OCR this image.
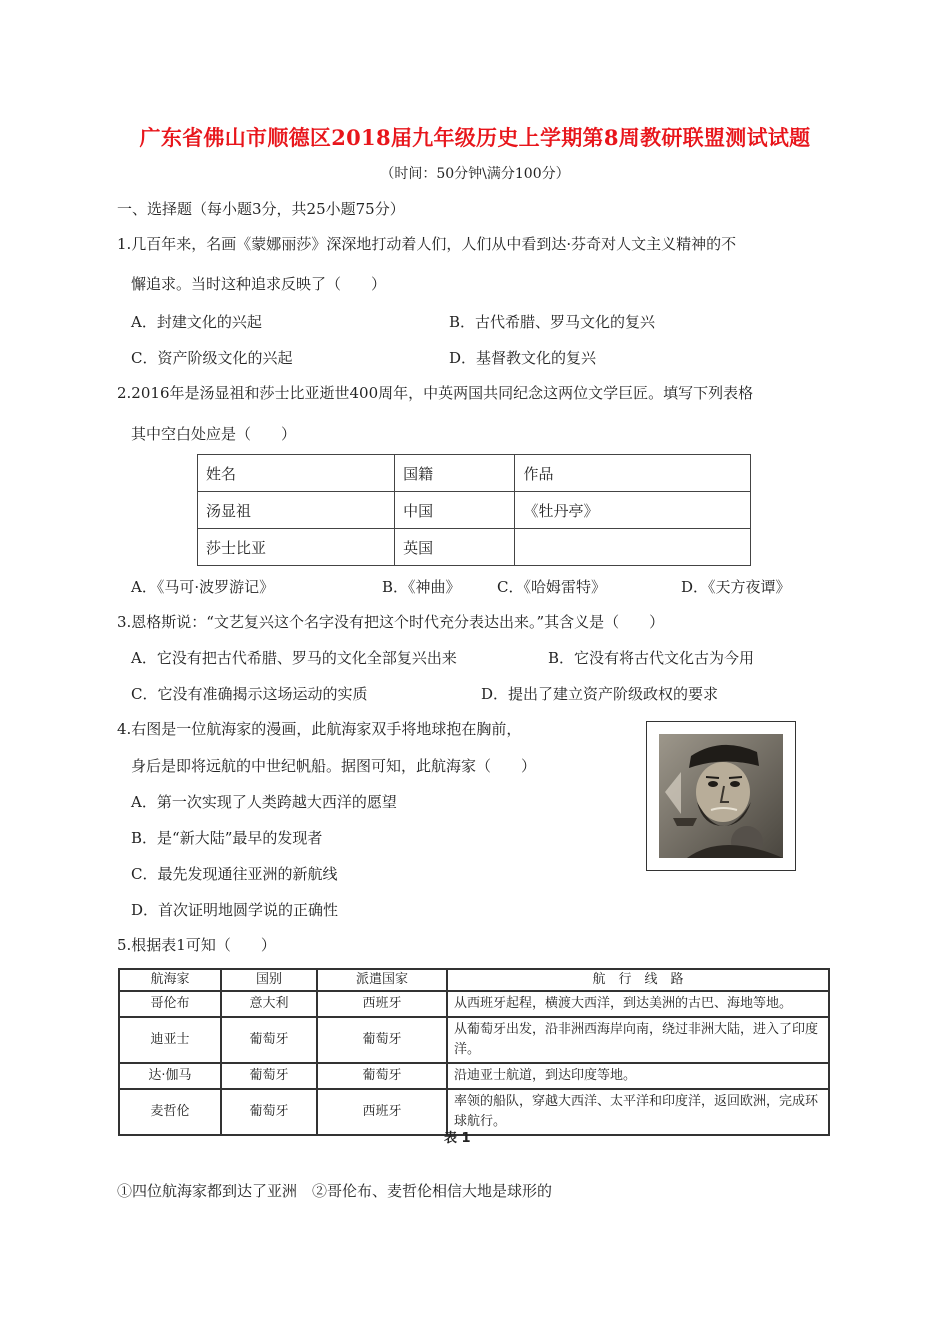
广东省佛山市顺德区2018届九年级历史上学期第8周教研联盟测试试题
（时间：50分钟\满分100分）
一、选择题（每小题3分，共25小题75分）
1.几百年来，名画《蒙娜丽莎》深深地打动着人们，人们从中看到达·芬奇对人文主义精神的不
懈追求。当时这种追求反映了（　　）
A．封建文化的兴起	B．古代希腊、罗马文化的复兴
C．资产阶级文化的兴起	D．基督教文化的复兴
2.2016年是汤显祖和莎士比亚逝世400周年，中英两国共同纪念这两位文学巨匠。填写下列表格
其中空白处应是（　　）
姓名	国籍	作品
汤显祖	中国	《牡丹亭》
莎士比亚	英国	
A．《马可·波罗游记》	B．《神曲》 C．《哈姆雷特》	D．《天方夜谭》
3.恩格斯说：“文艺复兴这个名字没有把这个时代充分表达出来。”其含义是（　　）
A．它没有把古代希腊、罗马的文化全部复兴出来	B．它没有将古代文化古为今用
C．它没有准确揭示这场运动的实质	D．提出了建立资产阶级政权的要求
4.右图是一位航海家的漫画，此航海家双手将地球抱在胸前，
身后是即将远航的中世纪帆船。据图可知，此航海家（　　）
A．第一次实现了人类跨越大西洋的愿望
B．是“新大陆”最早的发现者
C．最先发现通往亚洲的新航线
D．首次证明地圆学说的正确性
5.根据表1可知（　　）
航海家	国别	派遣国家	航　行　线　路
哥伦布	意大利	西班牙	从西班牙起程，横渡大西洋，到达美洲的古巴、海地等地。
迪亚士	葡萄牙	葡萄牙	从葡萄牙出发，沿非洲西海岸向南，绕过非洲大陆，进入了印度洋。
达·伽马	葡萄牙	葡萄牙	沿迪亚士航道，到达印度等地。
麦哲伦	葡萄牙	西班牙	率领的船队，穿越大西洋、太平洋和印度洋，返回欧洲，完成环球航行。
表 1
①四位航海家都到达了亚洲　②哥伦布、麦哲伦相信大地是球形的
